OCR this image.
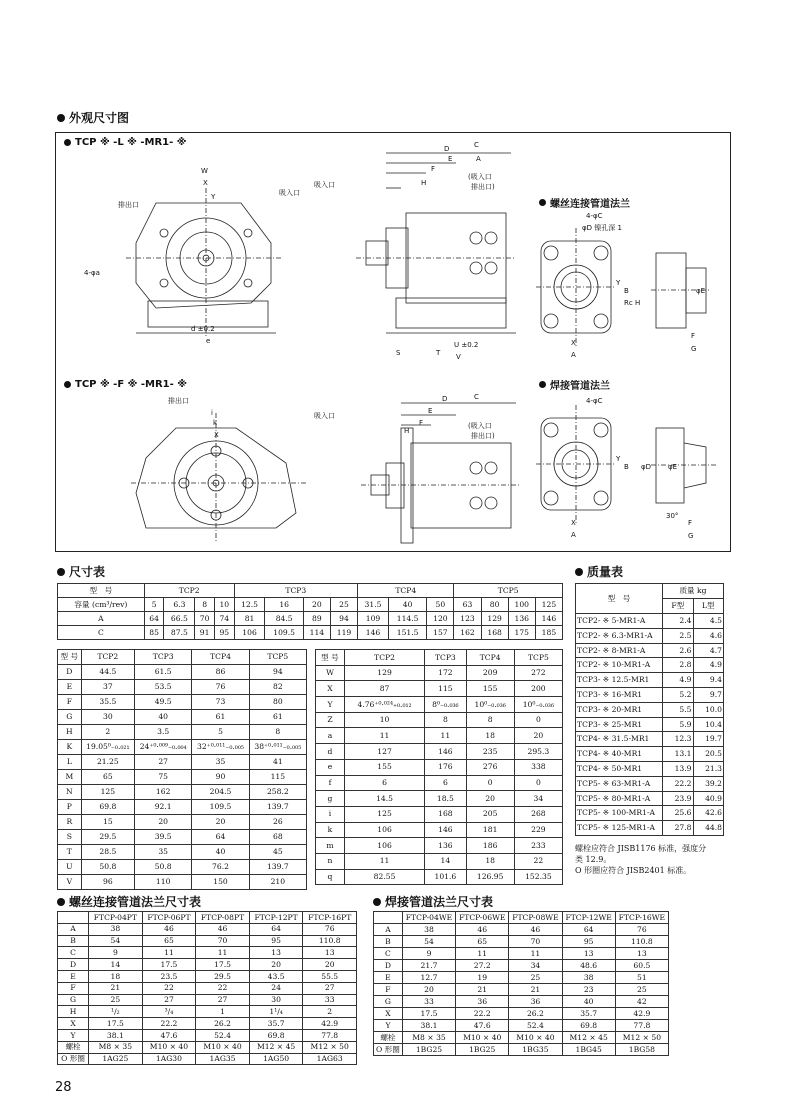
外观尺寸图
TCP ※ -L ※ -MR1- ※
TCP ※ -F ※ -MR1- ※
螺丝连接管道法兰
焊接管道法兰
吸入口
排出口
吸入口
(吸入口
排出口)
W
X
Y
d ±0.2
e
4-φa
D	C
E	A
F
H
S	T
U ±0.2
V
排出口
吸入口
(吸入口
排出口)
i
k
X
D	C
E
F
H
4-φC
φD 镍孔深 1
X
A
B
Y
Rc H
φE
F
G
4-φC
X
A
B
Y
φD φE
30°
F
G
尺寸表	质量表
型　号	TCP2				TCP3				TCP4			TCP5			
容量 (cm³/rev)	5	6.3	8	10	12.5	16	20	25	31.5	40	50	63	80	100	125
A	64	66.5	70	74	81	84.5	89	94	109	114.5	120	123	129	136	146
C	85	87.5	91	95	106	109.5	114	119	146	151.5	157	162	168	175	185
型 号	TCP2	TCP3	TCP4	TCP5
D	44.5	61.5	86	94
E	37	53.5	76	82
F	35.5	49.5	73	80
G	30	40	61	61
H	2	3.5	5	8
K	19.05⁰₋₀.₀₂₁	24⁺⁰·⁰⁰⁹₋₀.₀₀₄	32⁺⁰·⁰¹¹₋₀.₀₀₅	38⁺⁰·⁰¹¹₋₀.₀₀₅
L	21.25	27	35	41
M	65	75	90	115
N	125	162	204.5	258.2
P	69.8	92.1	109.5	139.7
R	15	20	20	26
S	29.5	39.5	64	68
T	28.5	35	40	45
U	50.8	50.8	76.2	139.7
V	96	110	150	210
型 号	TCP2	TCP3	TCP4	TCP5
W	129	172	209	272
X	87	115	155	200
Y	4.76⁺⁰·⁰²⁴₊₀.₀₁₂	8⁰₋₀.₀₃₆	10⁰₋₀.₀₃₆	10⁰₋₀.₀₃₆
Z	10	8	8	0
a	11	11	18	20
d	127	146	235	295.3
e	155	176	276	338
f	6	6	0	0
g	14.5	18.5	20	34
i	125	168	205	268
k	106	146	181	229
m	106	136	186	233
n	11	14	18	22
q	82.55	101.6	126.95	152.35
型　号	质量 kg	
	F型	L型
TCP2- ※ 5-MR1-A	2.4	4.5
TCP2- ※ 6.3-MR1-A	2.5	4.6
TCP2- ※ 8-MR1-A	2.6	4.7
TCP2- ※ 10-MR1-A	2.8	4.9
TCP3- ※ 12.5-MR1	4.9	9.4
TCP3- ※ 16-MR1	5.2	9.7
TCP3- ※ 20-MR1	5.5	10.0
TCP3- ※ 25-MR1	5.9	10.4
TCP4- ※ 31.5-MR1	12.3	19.7
TCP4- ※ 40-MR1	13.1	20.5
TCP4- ※ 50-MR1	13.9	21.3
TCP5- ※ 63-MR1-A	22.2	39.2
TCP5- ※ 80-MR1-A	23.9	40.9
TCP5- ※ 100-MR1-A	25.6	42.6
TCP5- ※ 125-MR1-A	27.8	44.8
螺栓应符合 JISB1176 标准，强度分
类 12.9。
O 形圈应符合 JISB2401 标准。
螺丝连接管道法兰尺寸表
	FTCP-04PT	FTCP-06PT	FTCP-08PT	FTCP-12PT	FTCP-16PT
A	38	46	46	64	76
B	54	65	70	95	110.8
C	9	11	11	13	13
D	14	17.5	17.5	20	20
E	18	23.5	29.5	43.5	55.5
F	21	22	22	24	27
G	25	27	27	30	33
H	¹/₂	³/₄	1	1¹/₄	2
X	17.5	22.2	26.2	35.7	42.9
Y	38.1	47.6	52.4	69.8	77.8
螺栓	M8 × 35	M10 × 40	M10 × 40	M12 × 45	M12 × 50
O 形圈	1AG25	1AG30	1AG35	1AG50	1AG63
焊接管道法兰尺寸表
	FTCP-04WE	FTCP-06WE	FTCP-08WE	FTCP-12WE	FTCP-16WE
A	38	46	46	64	76
B	54	65	70	95	110.8
C	9	11	11	13	13
D	21.7	27.2	34	48.6	60.5
E	12.7	19	25	38	51
F	20	21	21	23	25
G	33	36	36	40	42
X	17.5	22.2	26.2	35.7	42.9
Y	38.1	47.6	52.4	69.8	77.8
螺栓	M8 × 35	M10 × 40	M10 × 40	M12 × 45	M12 × 50
O 形圈	1BG25	1BG25	1BG35	1BG45	1BG58
28
